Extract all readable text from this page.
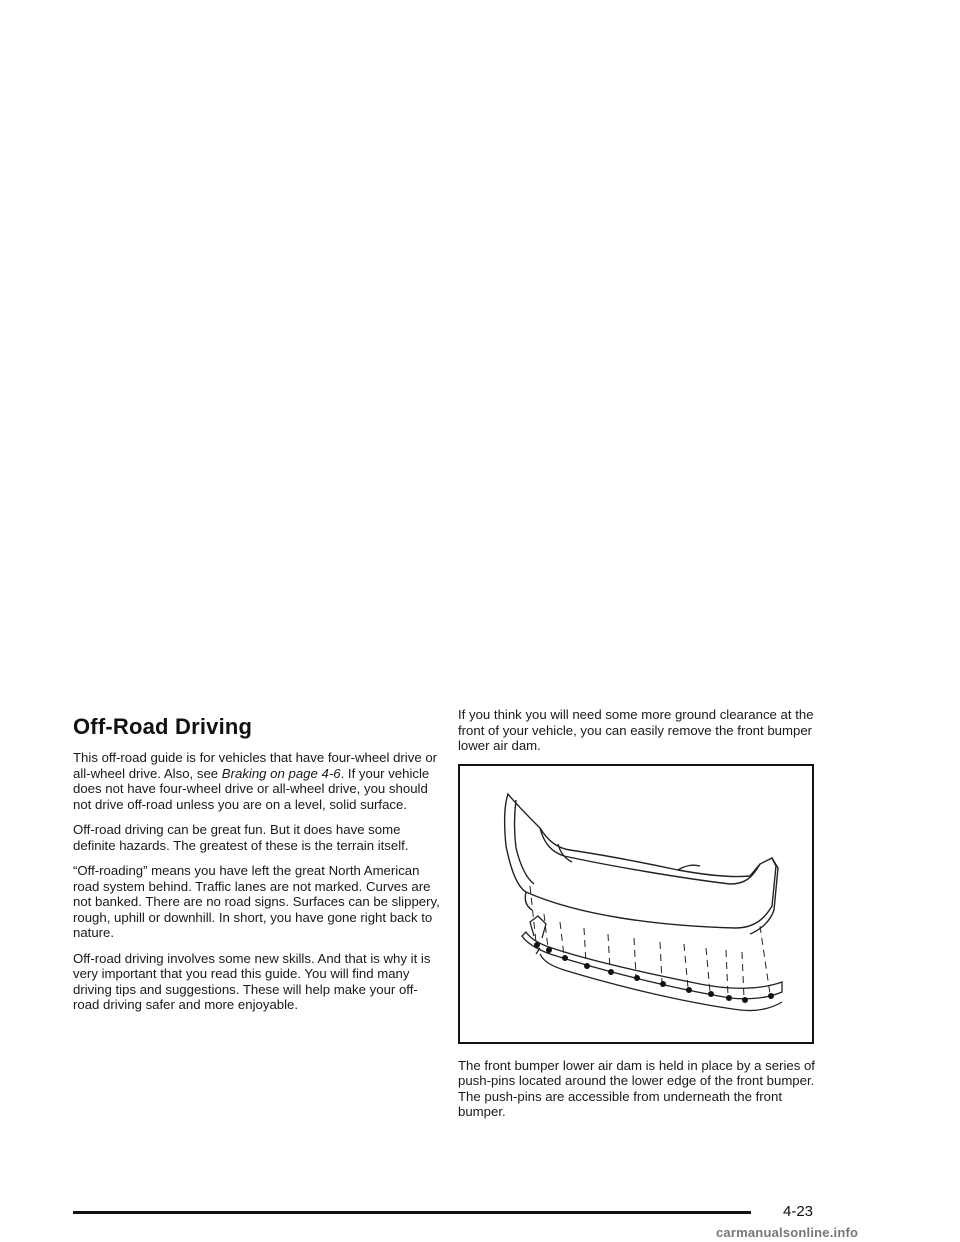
Off-Road Driving

This off-road guide is for vehicles that have four-wheel drive or all-wheel drive. Also, see Braking on page 4-6. If your vehicle does not have four-wheel drive or all-wheel drive, you should not drive off-road unless you are on a level, solid surface.

Off-road driving can be great fun. But it does have some definite hazards. The greatest of these is the terrain itself.

“Off-roading” means you have left the great North American road system behind. Traffic lanes are not marked. Curves are not banked. There are no road signs. Surfaces can be slippery, rough, uphill or downhill. In short, you have gone right back to nature.

Off-road driving involves some new skills. And that is why it is very important that you read this guide. You will find many driving tips and suggestions. These will help make your off-road driving safer and more enjoyable.

If you think you will need some more ground clearance at the front of your vehicle, you can easily remove the front bumper lower air dam.

The front bumper lower air dam is held in place by a series of push-pins located around the lower edge of the front bumper. The push-pins are accessible from underneath the front bumper.

4-23
carmanualsonline.info
